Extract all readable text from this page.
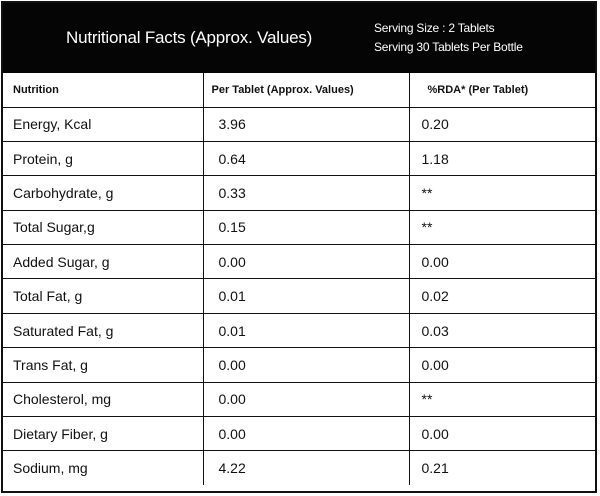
Nutritional Facts (Approx. Values)	Serving Size : 2 Tablets
Serving 30 Tablets Per Bottle
Nutrition	Per Tablet (Approx. Values)	%RDA* (Per Tablet)
Energy, Kcal	3.96	0.20
Protein, g	0.64	1.18
Carbohydrate, g	0.33	**
Total Sugar,g	0.15	**
Added Sugar, g	0.00	0.00
Total Fat, g	0.01	0.02
Saturated Fat, g	0.01	0.03
Trans Fat, g	0.00	0.00
Cholesterol, mg	0.00	**
Dietary Fiber, g	0.00	0.00
Sodium, mg	4.22	0.21
